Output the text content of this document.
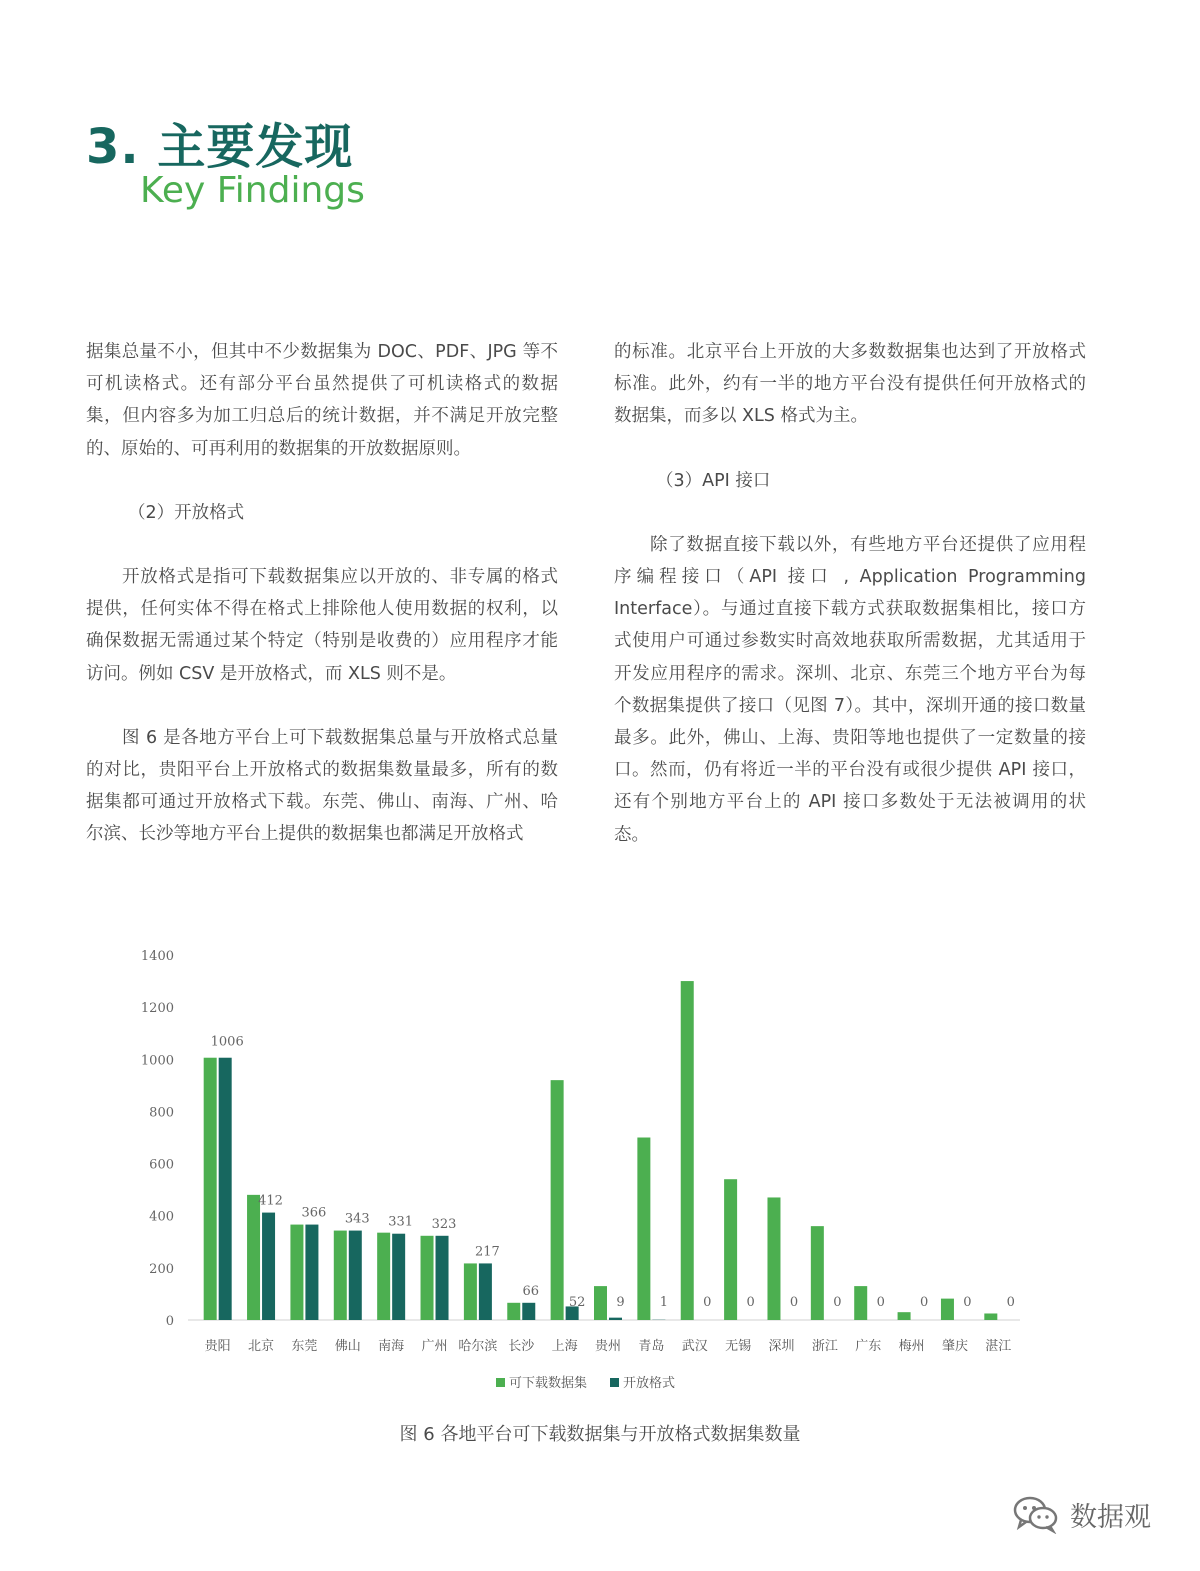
3. 主要发现
Key Findings

据集总量不小，但其中不少数据集为 DOC、PDF、JPG 等不可机读格式。还有部分平台虽然提供了可机读格式的数据集，但内容多为加工归总后的统计数据，并不满足开放完整的、原始的、可再利用的数据集的开放数据原则。

（2）开放格式

开放格式是指可下载数据集应以开放的、非专属的格式提供，任何实体不得在格式上排除他人使用数据的权利，以确保数据无需通过某个特定（特别是收费的）应用程序才能访问。例如 CSV 是开放格式，而 XLS 则不是。

图 6 是各地方平台上可下载数据集总量与开放格式总量的对比，贵阳平台上开放格式的数据集数量最多，所有的数据集都可通过开放格式下载。东莞、佛山、南海、广州、哈尔滨、长沙等地方平台上提供的数据集也都满足开放格式

的标准。北京平台上开放的大多数数据集也达到了开放格式标准。此外，约有一半的地方平台没有提供任何开放格式的数据集，而多以 XLS 格式为主。

（3）API 接口

除了数据直接下载以外，有些地方平台还提供了应用程序编程接口（API 接口 , Application Programming Interface）。与通过直接下载方式获取数据集相比，接口方式使用户可通过参数实时高效地获取所需数据，尤其适用于开发应用程序的需求。深圳、北京、东莞三个地方平台为每个数据集提供了接口（见图 7）。其中，深圳开通的接口数量最多。此外，佛山、上海、贵阳等地也提供了一定数量的接口。然而，仍有将近一半的平台没有或很少提供 API 接口，还有个别地方平台上的 API 接口多数处于无法被调用的状态。

0
200
400
600
800
1000
1200
1400
1006
贵阳
412
北京
366
东莞
343
佛山
331
南海
323
广州
217
哈尔滨
66
长沙
52
上海
9
贵州
1
青岛
0
武汉
0
无锡
0
深圳
0
浙江
0
广东
0
梅州
0
肇庆
0
湛江
可下载数据集	开放格式

图 6 各地平台可下载数据集与开放格式数据集数量

数据观
